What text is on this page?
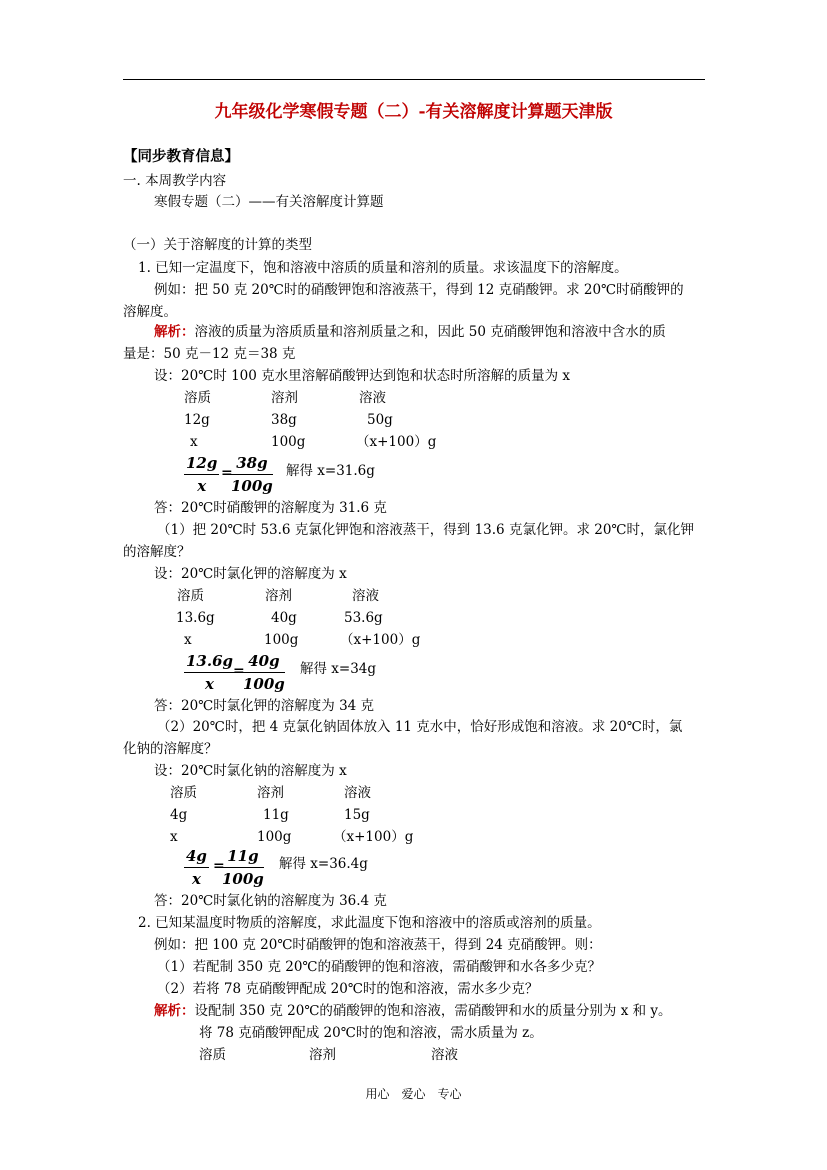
九年级化学寒假专题（二）-有关溶解度计算题天津版
【同步教育信息】
一. 本周教学内容
寒假专题（二）——有关溶解度计算题
（一）关于溶解度的计算的类型
1. 已知一定温度下，饱和溶液中溶质的质量和溶剂的质量。求该温度下的溶解度。
例如：把 50 克 20℃时的硝酸钾饱和溶液蒸干，得到 12 克硝酸钾。求 20℃时硝酸钾的
溶解度。
解析：溶液的质量为溶质质量和溶剂质量之和，因此 50 克硝酸钾饱和溶液中含水的质
量是：50 克－12 克＝38 克
设：20℃时 100 克水里溶解硝酸钾达到饱和状态时所溶解的质量为 x
溶质	溶剂	溶液
12g	38g	50g
x	100g	（x+100）g
$\frac{12g}{x}$ =
$\frac{38g}{100g}$ 解得 x=31.6g
答：20℃时硝酸钾的溶解度为 31.6 克
（1）把 20℃时 53.6 克氯化钾饱和溶液蒸干，得到 13.6 克氯化钾。求 20℃时，氯化钾
的溶解度？
设：20℃时氯化钾的溶解度为 x
溶质	溶剂	溶液
13.6g	40g	53.6g
x	100g	（x+100）g
$\frac{13.6g}{x}$
=
$\frac{40g}{100g}$ 解得 x=34g
答：20℃时氯化钾的溶解度为 34 克
（2）20℃时，把 4 克氯化钠固体放入 11 克水中，恰好形成饱和溶液。求 20℃时，氯
化钠的溶解度？
设：20℃时氯化钠的溶解度为 x
溶质	溶剂	溶液
4g	11g	15g
x	100g	（x+100）g
$\frac{4g}{x}$ =
$\frac{11g}{100g}$ 解得 x=36.4g
答：20℃时氯化钠的溶解度为 36.4 克
2. 已知某温度时物质的溶解度，求此温度下饱和溶液中的溶质或溶剂的质量。
例如：把 100 克 20℃时硝酸钾的饱和溶液蒸干，得到 24 克硝酸钾。则：
（1）若配制 350 克 20℃的硝酸钾的饱和溶液，需硝酸钾和水各多少克？
（2）若将 78 克硝酸钾配成 20℃时的饱和溶液，需水多少克？
解析：设配制 350 克 20℃的硝酸钾的饱和溶液，需硝酸钾和水的质量分别为 x 和 y。
将 78 克硝酸钾配成 20℃时的饱和溶液，需水质量为 z。
溶质	溶剂	溶液
用心 爱心 专心
